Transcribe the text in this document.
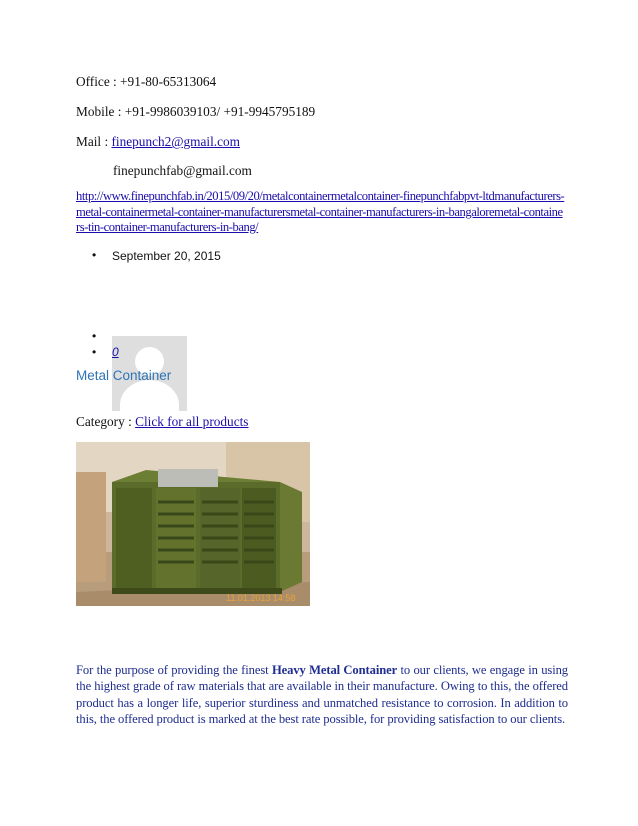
Office : +91-80-65313064
Mobile : +91-9986039103/ +91-9945795189
Mail : finepunch2@gmail.com
finepunchfab@gmail.com
http://www.finepunchfab.in/2015/09/20/metalcontainermetalcontainer-finepunchfabpvt-ltdmanufacturers-metal-containermetal-container-manufacturersmetal-container-manufacturers-in-bangaloremetal-containers-tin-container-manufacturers-in-bang/
• September 20, 2015
•
• 0
Metal Container
Category : Click for all products
11.01.2013 14:58
For the purpose of providing the finest Heavy Metal Container to our clients, we engage in using the highest grade of raw materials that are available in their manufacture. Owing to this, the offered product has a longer life, superior sturdiness and unmatched resistance to corrosion. In addition to this, the offered product is marked at the best rate possible, for providing satisfaction to our clients.
